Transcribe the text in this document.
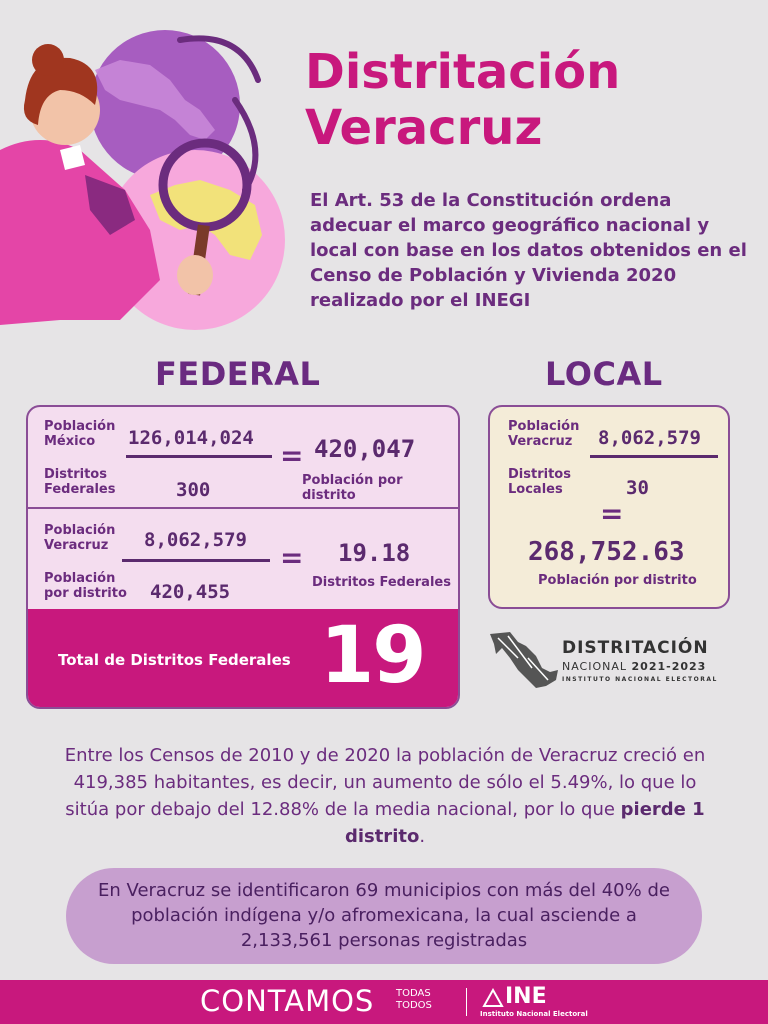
Distritación
Veracruz
El Art. 53 de la Constitución ordena adecuar el marco geográfico nacional y local con base en los datos obtenidos en el Censo de Población y Vivienda 2020 realizado por el INEGI
FEDERAL	LOCAL
Población México	126,014,024
Distritos Federales	300
= 420,047
Población por distrito
Población Veracruz	8,062,579
Población por distrito	420,455
= 19.18
Distritos Federales
Total de Distritos Federales 19
Población Veracruz	8,062,579
Distritos Locales	30
=
268,752.63
Población por distrito
DISTRITACIÓN
NACIONAL 2021-2023
INSTITUTO NACIONAL ELECTORAL
Entre los Censos de 2010 y de 2020 la población de Veracruz creció en 419,385 habitantes, es decir, un aumento de sólo el 5.49%, lo que lo sitúa por debajo del 12.88% de la media nacional, por lo que pierde 1 distrito.
En Veracruz se identificaron 69 municipios con más del 40% de población indígena y/o afromexicana, la cual asciende a 2,133,561 personas registradas
CONTAMOS TODAS
TODOS	INE
Instituto Nacional Electoral
